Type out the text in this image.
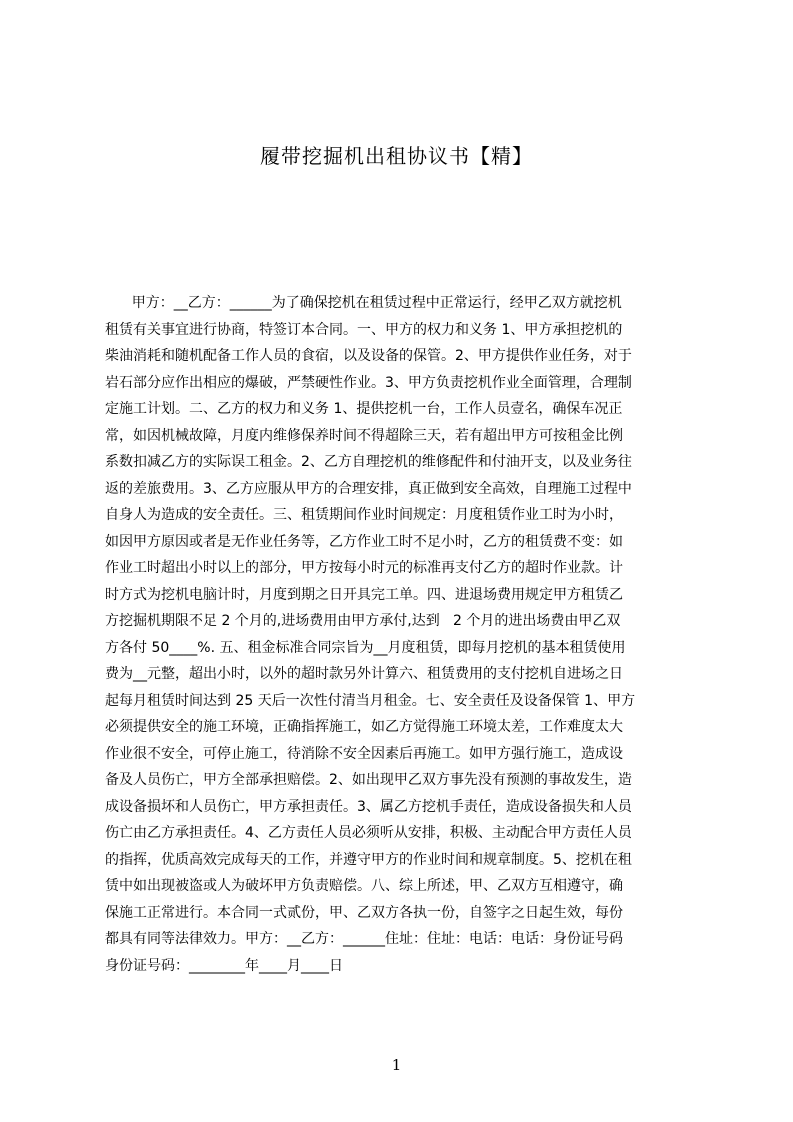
履带挖掘机出租协议书【精】
甲方：__乙方：______为了确保挖机在租赁过程中正常运行，经甲乙双方就挖机
租赁有关事宜进行协商，特签订本合同。一、甲方的权力和义务 1、甲方承担挖机的
柴油消耗和随机配备工作人员的食宿，以及设备的保管。2、甲方提供作业任务，对于
岩石部分应作出相应的爆破，严禁硬性作业。3、甲方负责挖机作业全面管理，合理制
定施工计划。二、乙方的权力和义务 1、提供挖机一台，工作人员壹名，确保车况正
常，如因机械故障，月度内维修保养时间不得超除三天，若有超出甲方可按租金比例
系数扣减乙方的实际误工租金。2、乙方自理挖机的维修配件和付油开支，以及业务往
返的差旅费用。3、乙方应服从甲方的合理安排，真正做到安全高效，自理施工过程中
自身人为造成的安全责任。三、租赁期间作业时间规定：月度租赁作业工时为小时，
如因甲方原因或者是无作业任务等，乙方作业工时不足小时，乙方的租赁费不变：如
作业工时超出小时以上的部分，甲方按每小时元的标准再支付乙方的超时作业款。计
时方式为挖机电脑计时，月度到期之日开具完工单。四、进退场费用规定甲方租赁乙
方挖掘机期限不足 2 个月的,进场费用由甲方承付,达到   2 个月的进出场费由甲乙双
方各付 50____%. 五、租金标准合同宗旨为__月度租赁，即每月挖机的基本租赁使用
费为__元整，超出小时，以外的超时款另外计算六、租赁费用的支付挖机自进场之日
起每月租赁时间达到 25 天后一次性付清当月租金。七、安全责任及设备保管 1、甲方
必须提供安全的施工环境，正确指挥施工，如乙方觉得施工环境太差，工作难度太大
作业很不安全，可停止施工，待消除不安全因素后再施工。如甲方强行施工，造成设
备及人员伤亡，甲方全部承担赔偿。2、如出现甲乙双方事先没有预测的事故发生，造
成设备损坏和人员伤亡，甲方承担责任。3、属乙方挖机手责任，造成设备损失和人员
伤亡由乙方承担责任。4、乙方责任人员必须听从安排，积极、主动配合甲方责任人员
的指挥，优质高效完成每天的工作，并遵守甲方的作业时间和规章制度。5、挖机在租
赁中如出现被盗或人为破坏甲方负责赔偿。八、综上所述，甲、乙双方互相遵守，确
保施工正常进行。本合同一式贰份，甲、乙双方各执一份，自签字之日起生效，每份
都具有同等法律效力。甲方：__乙方：______住址：住址：电话：电话：身份证号码
身份证号码：________年____月____日
1
